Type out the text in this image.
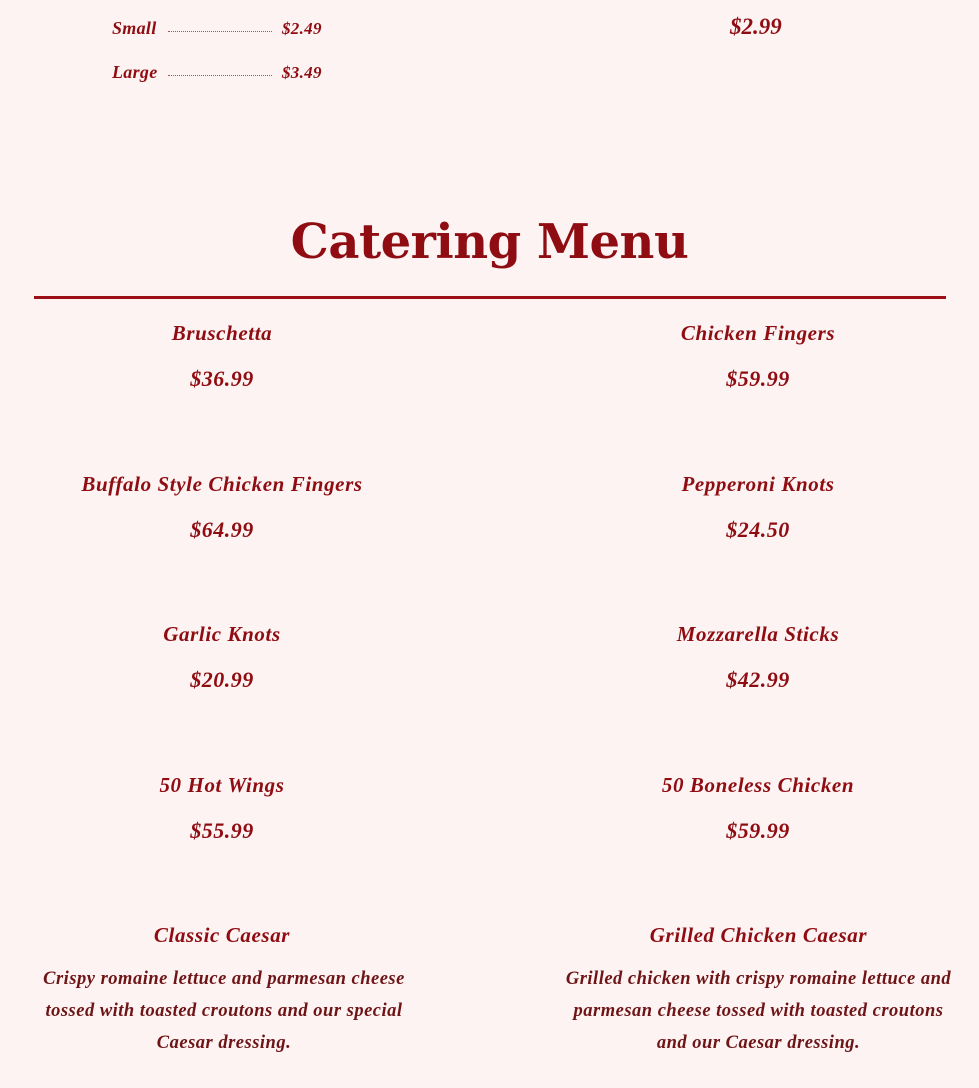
Small	$2.49
Large	$3.49
$2.99
Catering Menu
Bruschetta
$36.99
Chicken Fingers
$59.99
Buffalo Style Chicken Fingers
$64.99
Pepperoni Knots
$24.50
Garlic Knots
$20.99
Mozzarella Sticks
$42.99
50 Hot Wings
$55.99
50 Boneless Chicken
$59.99
Classic Caesar
Crispy romaine lettuce and parmesan cheese tossed with toasted croutons and our special Caesar dressing.
Grilled Chicken Caesar
Grilled chicken with crispy romaine lettuce and parmesan cheese tossed with toasted croutons and our Caesar dressing.
